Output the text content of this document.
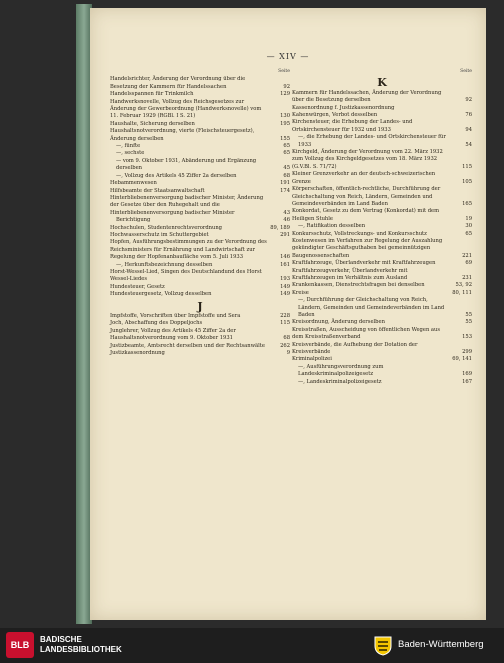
— XIV —
Seite
Handelsrichter, Änderung der Verordnung über die Besetzung der Kammern für Handelssachen	92
Handelsspannen für Trinkmilch	129
Handwerksnovelle, Vollzug des Reichsgesetzes zur Änderung der Gewerbeordnung (Handwerksnovelle) vom 11. Februar 1929 (RGBl. I S. 21)	130
Haushalte, Sicherung derselben	195
Haushaltsnotverordnung, vierte (Fleischsteuergesetz), Änderung derselben	155
—, fünfte	65
—, sechste	65
— vom 9. Oktober 1931, Abänderung und Ergänzung derselben	45
—, Vollzug des Artikels 45 Ziffer 2a derselben	68
Hebammenwesen	191
Hilfsbeamte der Staatsanwaltschaft	174
Hinterbliebenenversorgung badischer Minister, Änderung der Gesetze über den Ruhegehalt und die Hinterbliebenenversorgung badischer Minister	43
Berichtigung	46
Hochschulen, Studentenrechtsverordnung	89, 189
Hochwasserschutz im Schuttergebiet	291
Hopfen, Ausführungsbestimmungen zu der Verordnung des Reichsministers für Ernährung und Landwirtschaft zur Regelung der Hopfenanbaufläche vom 5. Juli 1933	146
—, Herkunftsbezeichnung desselben	161
Horst-Wessel-Lied, Singen des Deutschlandund des Horst Wessel-Liedes	193
Hundesteuer, Gesetz	149
Hundesteuergesetz, Vollzug desselben	149
J
Impfstoffe, Vorschriften über Impfstoffe und Sera	228
Joch, Abschaffung des Doppeljochs	115
Junglehrer, Vollzug des Artikels 45 Ziffer 2a der Haushaltsnotverordnung vom 9. Oktober 1931	68
Justizbeamte, Amtsrecht derselben und der Rechtsanwälte	262
Justizkassenordnung	9
Seite
K
Kammern für Handelssachen, Änderung der Verordnung über die Besetzung derselben	92
Kassenordnung f. Justizkassenordnung
Kahenwürgen, Verbot desselben	76
Kirchensteuer, die Erhebung der Landes- und Ortskirchensteuer für 1932 und 1933	94
—, die Erhebung der Landes- und Ortskirchensteuer für 1933	54
Kirchgeld, Änderung der Verordnung vom 22. März 1932 zum Vollzug des Kirchgeldgesetzes vom 18. März 1932 (G.V.Bl. S. 71/72)	115
Kleiner Grenzverkehr an der deutsch-schweizerischen Grenze	105
Körperschaften, öffentlich-rechtliche, Durchführung der Gleichschaltung von Reich, Ländern, Gemeinden und Gemeindeverbänden im Land Baden	165
Konkordat, Gesetz zu dem Vertrag (Konkordat) mit dem Heiligen Stuhle	19
—, Ratifikation desselben	30
Konkursschutz, Vollstreckungs- und Konkursschutz	65
Kostenwesen im Verfahren zur Regelung der Auszahlung gekündigter Geschäftsguthaben bei gemeinnützigen Baugenossenschaften	221
Kraftfahrzeuge, Überlandverkehr mit Kraftfahrzeugen	69
Kraftfahrzeugverkehr, Überlandverkehr mit Kraftfahrzeugen im Verhältnis zum Ausland	231
Krankenkassen, Dienstrechtsfragen bei denselben	53, 92
Kreise	80, 111
—, Durchführung der Gleichschaltung von Reich, Ländern, Gemeinden und Gemeindeverbänden im Land Baden	55
Kreisordnung, Änderung derselben	55
Kreisstraßen, Ausscheidung von öffentlichen Wegen aus dem Kreisstraßenverband	153
Kreisverbände, die Aufhebung der Dotation der Kreisverbände	299
Kriminalpolizei	69, 141
—, Ausführungsverordnung zum Landeskriminalpolizeigesetz	169
—, Landeskriminalpolizeigesetz	167
BLB
BADISCHE
LANDESBIBLIOTHEK	Baden-Württemberg
